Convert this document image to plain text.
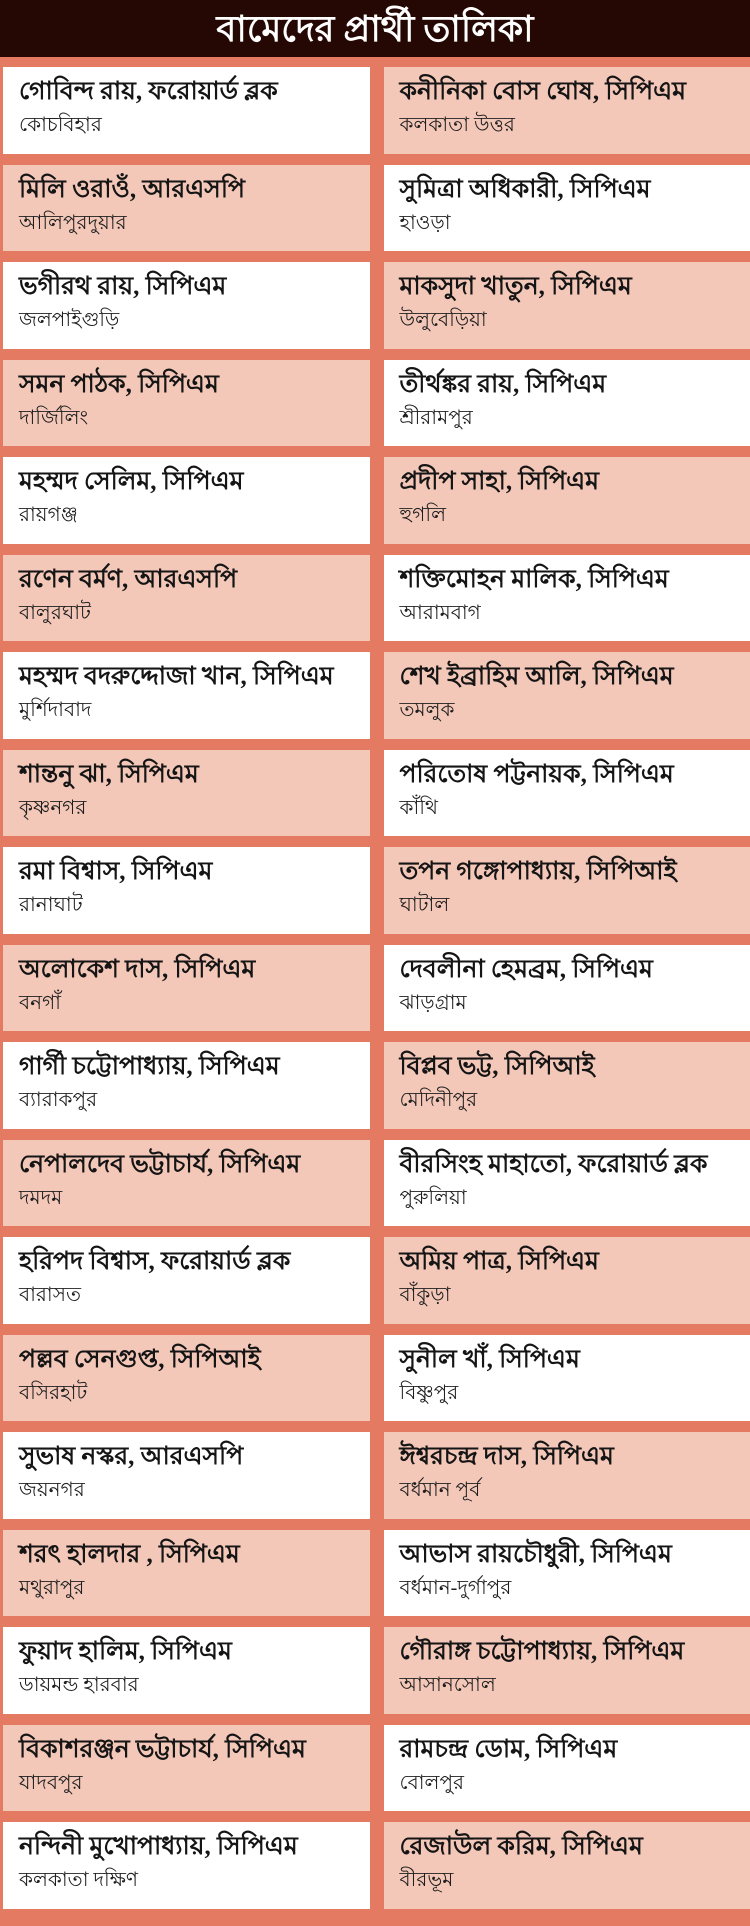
বামেদের প্রার্থী তালিকা
গোবিন্দ রায়, ফরোয়ার্ড ব্লক
কোচবিহার
কনীনিকা বোস ঘোষ, সিপিএম
কলকাতা উত্তর
মিলি ওরাওঁ, আরএসপি
আলিপুরদুয়ার
সুমিত্রা অধিকারী, সিপিএম
হাওড়া
ভগীরথ রায়, সিপিএম
জলপাইগুড়ি
মাকসুদা খাতুন, সিপিএম
উলুবেড়িয়া
সমন পাঠক, সিপিএম
দার্জিলিং
তীর্থঙ্কর রায়, সিপিএম
শ্রীরামপুর
মহম্মদ সেলিম, সিপিএম
রায়গঞ্জ
প্রদীপ সাহা, সিপিএম
হুগলি
রণেন বর্মণ, আরএসপি
বালুরঘাট
শক্তিমোহন মালিক, সিপিএম
আরামবাগ
মহম্মদ বদরুদ্দোজা খান, সিপিএম
মুর্শিদাবাদ
শেখ ইব্রাহিম আলি, সিপিএম
তমলুক
শান্তনু ঝা, সিপিএম
কৃষ্ণনগর
পরিতোষ পট্টনায়ক, সিপিএম
কাঁথি
রমা বিশ্বাস, সিপিএম
রানাঘাট
তপন গঙ্গোপাধ্যায়, সিপিআই
ঘাটাল
অলোকেশ দাস, সিপিএম
বনগাঁ
দেবলীনা হেমব্রম, সিপিএম
ঝাড়গ্রাম
গার্গী চট্টোপাধ্যায়, সিপিএম
ব্যারাকপুর
বিপ্লব ভট্ট, সিপিআই
মেদিনীপুর
নেপালদেব ভট্টাচার্য, সিপিএম
দমদম
বীরসিংহ মাহাতো, ফরোয়ার্ড ব্লক
পুরুলিয়া
হরিপদ বিশ্বাস, ফরোয়ার্ড ব্লক
বারাসত
অমিয় পাত্র, সিপিএম
বাঁকুড়া
পল্লব সেনগুপ্ত, সিপিআই
বসিরহাট
সুনীল খাঁ, সিপিএম
বিষ্ণুপুর
সুভাষ নস্কর, আরএসপি
জয়নগর
ঈশ্বরচন্দ্র দাস, সিপিএম
বর্ধমান পূর্ব
শরৎ হালদার , সিপিএম
মথুরাপুর
আভাস রায়চৌধুরী, সিপিএম
বর্ধমান-দুর্গাপুর
ফুয়াদ হালিম, সিপিএম
ডায়মন্ড হারবার
গৌরাঙ্গ চট্টোপাধ্যায়, সিপিএম
আসানসোল
বিকাশরঞ্জন ভট্টাচার্য, সিপিএম
যাদবপুর
রামচন্দ্র ডোম, সিপিএম
বোলপুর
নন্দিনী মুখোপাধ্যায়, সিপিএম
কলকাতা দক্ষিণ
রেজাউল করিম, সিপিএম
বীরভূম
